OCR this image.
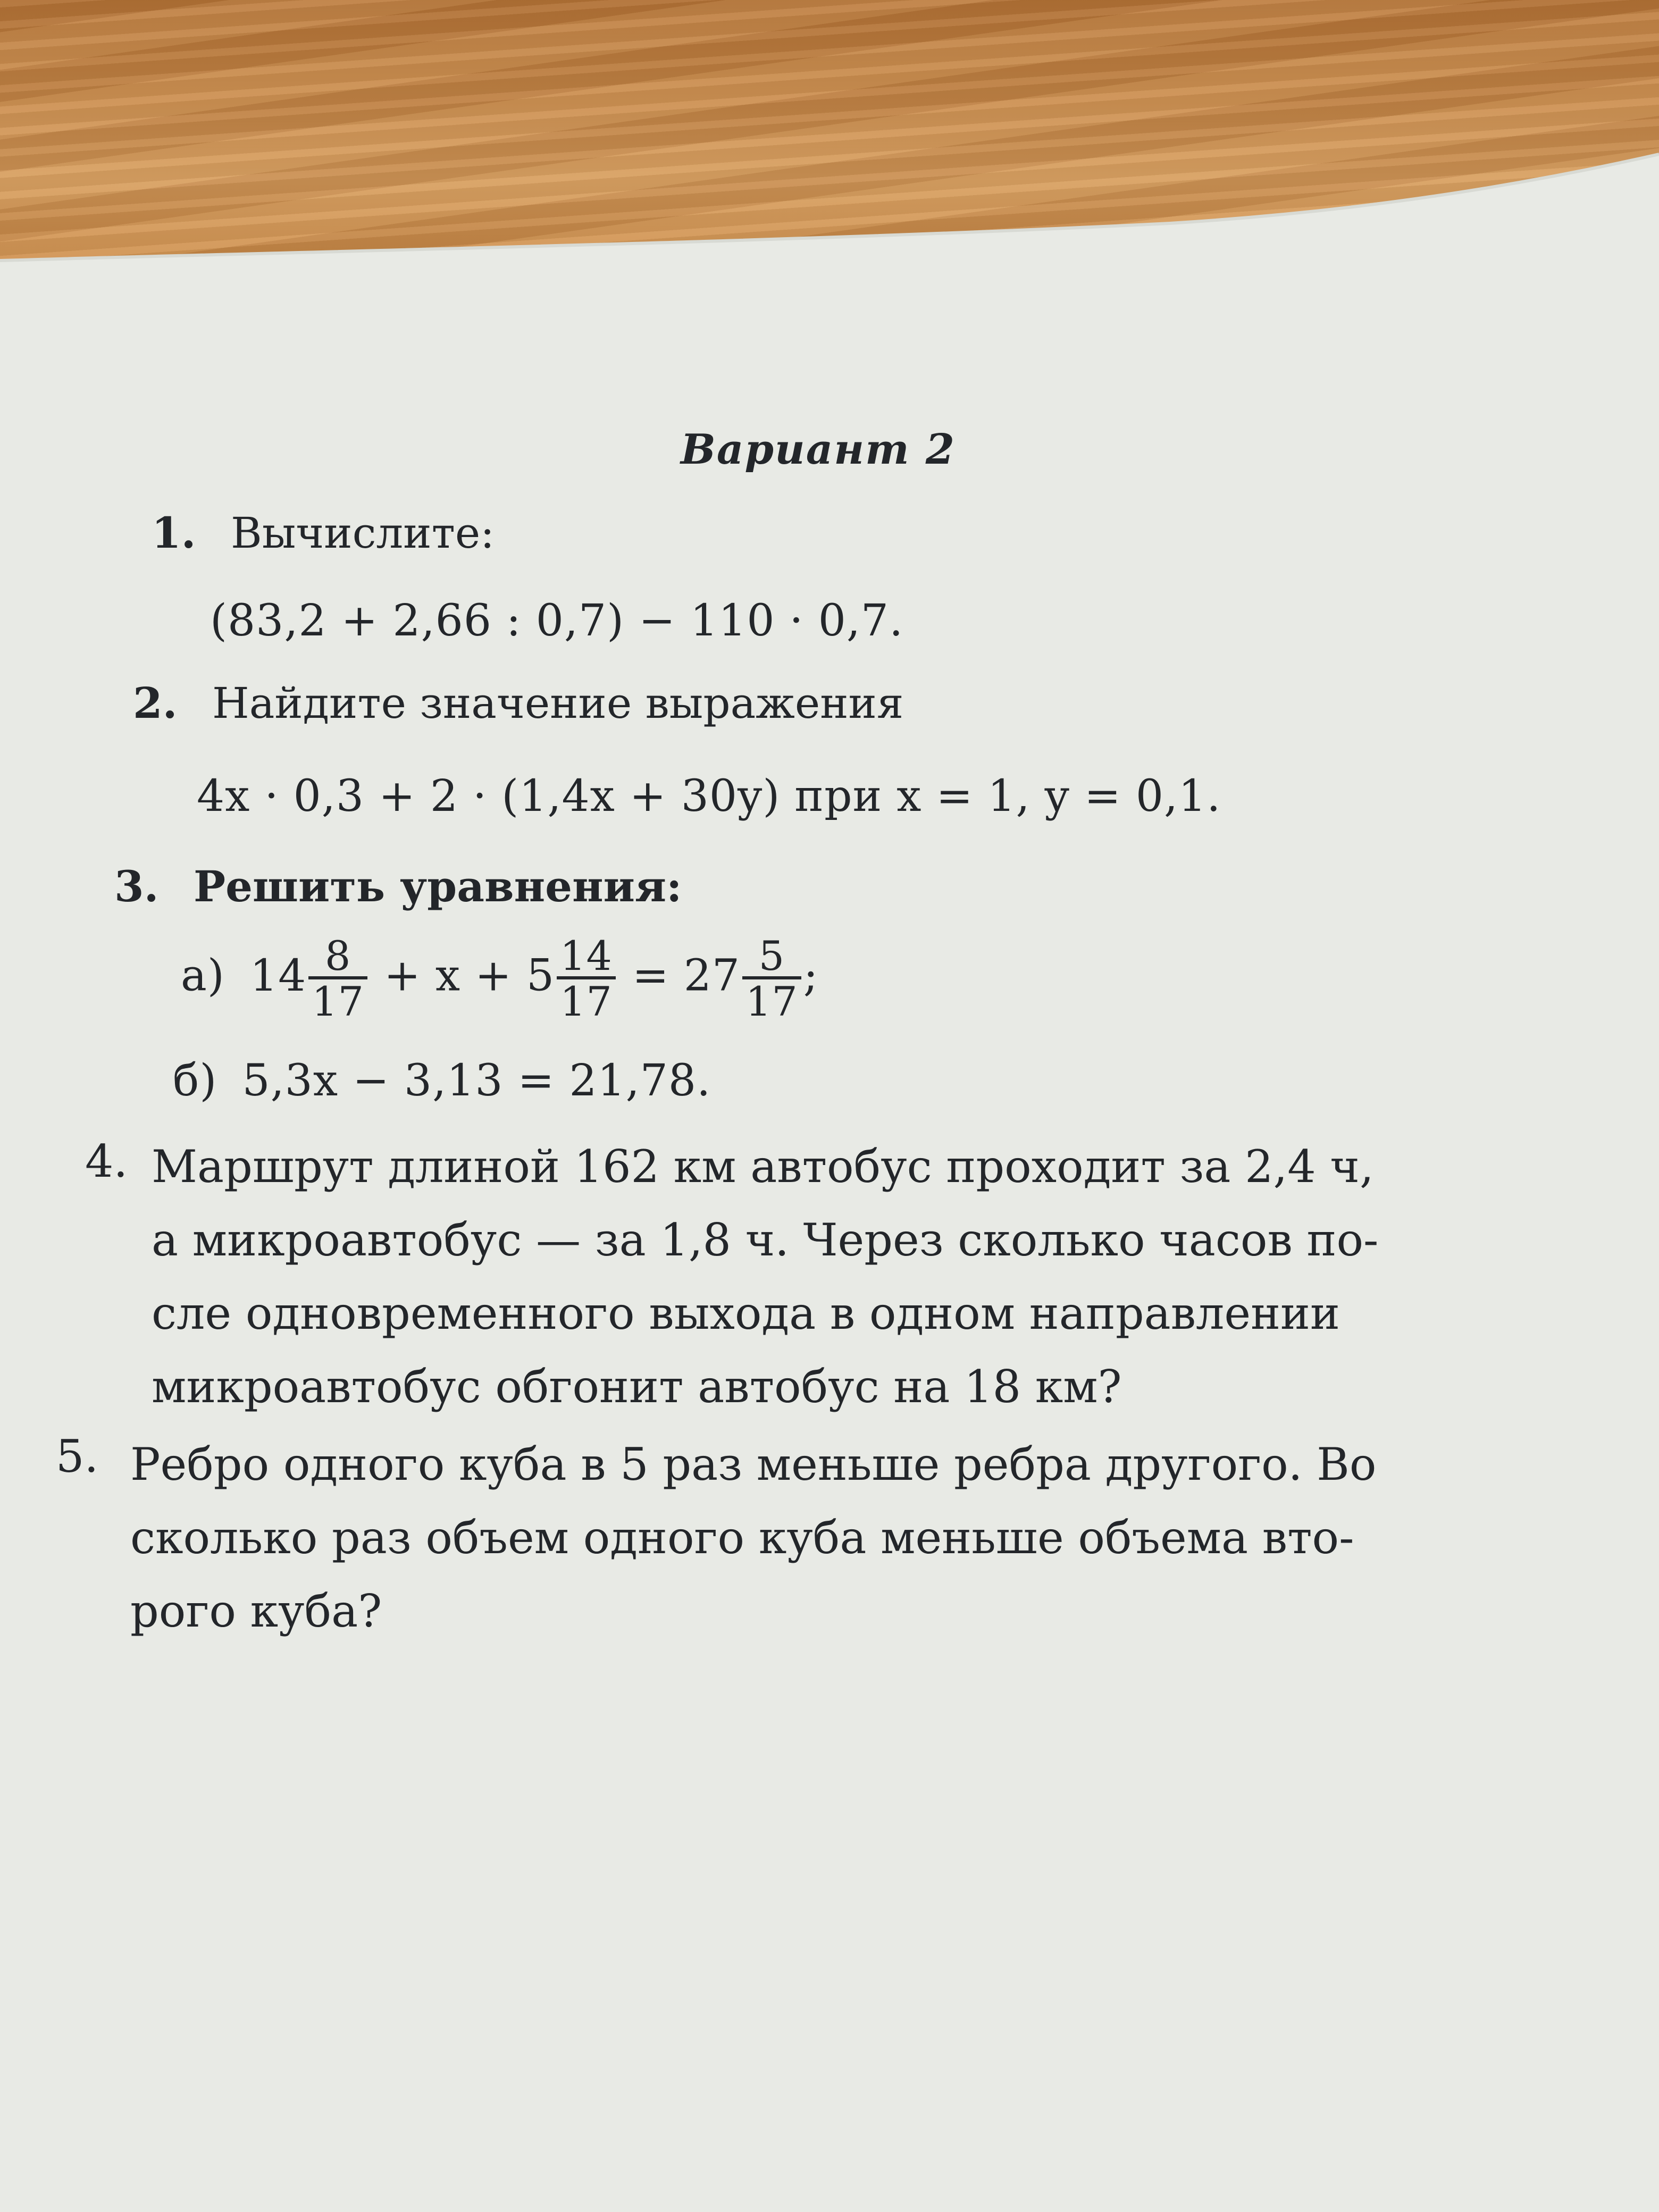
Вариант 2
1. Вычислите:
(83,2 + 2,66 : 0,7) − 110 · 0,7.
2. Найдите значение выражения
4x · 0,3 + 2 · (1,4x + 30y) при x = 1, y = 0,1.
3. Решить уравнения:
а) $14 \frac{8}{17} + x + 5 \frac{14}{17} = 27 \frac{5}{17}$ ;
б) 5,3x − 3,13 = 21,78.
4. Маршрут длиной 162 км автобус проходит за 2,4 ч,
а микроавтобус — за 1,8 ч. Через сколько часов по-
сле одновременного выхода в одном направлении
микроавтобус обгонит автобус на 18 км?
5. Ребро одного куба в 5 раз меньше ребра другого. Во
сколько раз объем одного куба меньше объема вто-
рого куба?
